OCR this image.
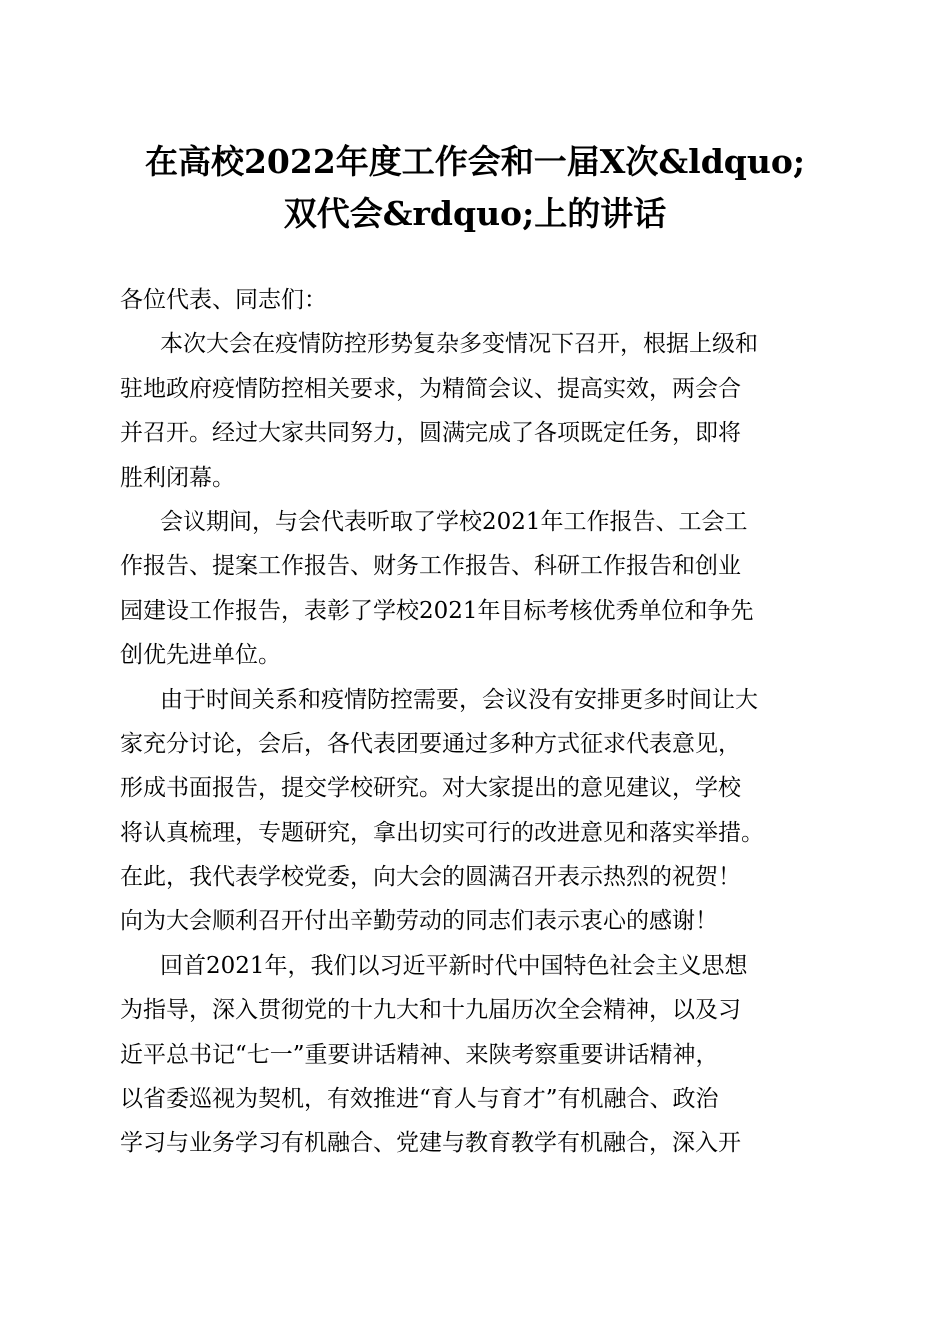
在高校2022年度工作会和一届X次&ldquo;
双代会&rdquo;上的讲话
各位代表、同志们：
本次大会在疫情防控形势复杂多变情况下召开，根据上级和
驻地政府疫情防控相关要求，为精简会议、提高实效，两会合
并召开。经过大家共同努力，圆满完成了各项既定任务，即将
胜利闭幕。
会议期间，与会代表听取了学校2021年工作报告、工会工
作报告、提案工作报告、财务工作报告、科研工作报告和创业
园建设工作报告，表彰了学校2021年目标考核优秀单位和争先
创优先进单位。
由于时间关系和疫情防控需要，会议没有安排更多时间让大
家充分讨论，会后，各代表团要通过多种方式征求代表意见，
形成书面报告，提交学校研究。对大家提出的意见建议，学校
将认真梳理，专题研究，拿出切实可行的改进意见和落实举措。
在此，我代表学校党委，向大会的圆满召开表示热烈的祝贺！
向为大会顺利召开付出辛勤劳动的同志们表示衷心的感谢！
回首2021年，我们以习近平新时代中国特色社会主义思想
为指导，深入贯彻党的十九大和十九届历次全会精神，以及习
近平总书记“七一”重要讲话精神、来陕考察重要讲话精神，
以省委巡视为契机，有效推进“育人与育才”有机融合、政治
学习与业务学习有机融合、党建与教育教学有机融合，深入开
